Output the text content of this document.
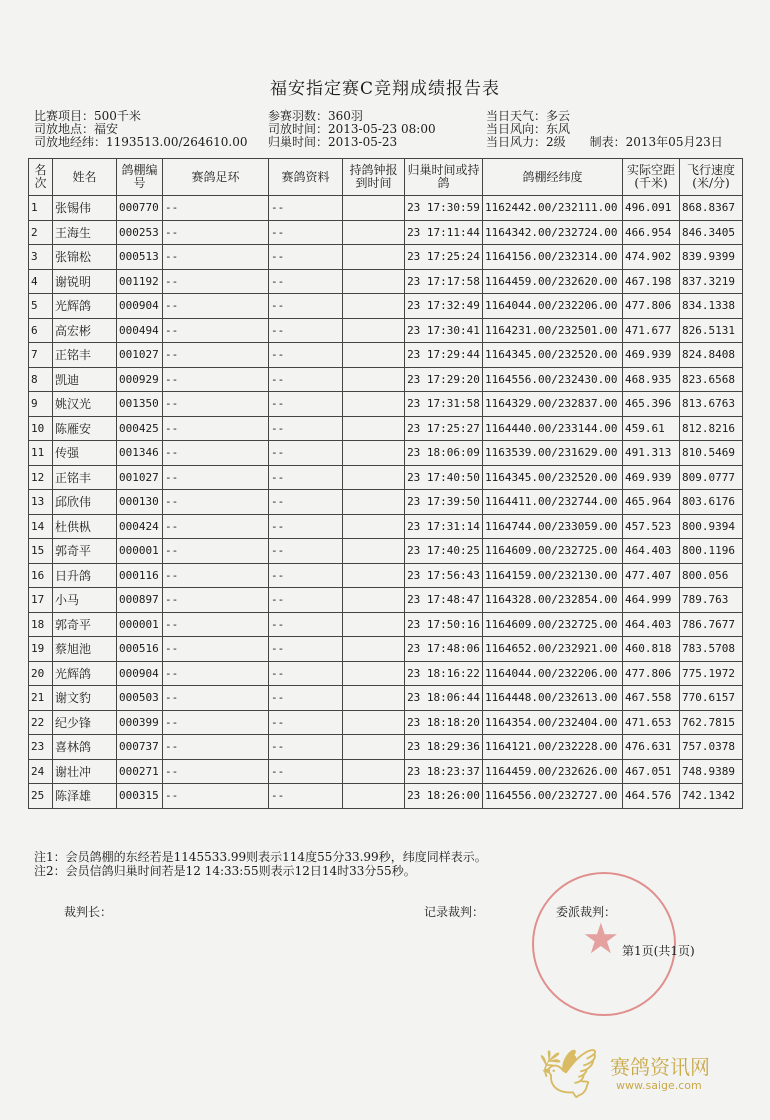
福安指定赛C竞翔成绩报告表
比赛项目：500千米
司放地点：福安
司放地经纬：1193513.00/264610.00
参赛羽数：360羽
司放时间：2013-05-23 08:00
归巢时间：2013-05-23
当日天气：多云
当日风向：东风
当日风力：2级 制表：2013年05月23日
名次	姓名	鸽棚编号	赛鸽足环	赛鸽资料	持鸽钟报到时间	归巢时间或持鸽	鸽棚经纬度	实际空距(千米)	飞行速度(米/分)
1	张锡伟	000770	--	--		23 17:30:59	1162442.00/232111.00	496.091	868.8367
2	王海生	000253	--	--		23 17:11:44	1164342.00/232724.00	466.954	846.3405
3	张锦松	000513	--	--		23 17:25:24	1164156.00/232314.00	474.902	839.9399
4	谢锐明	001192	--	--		23 17:17:58	1164459.00/232620.00	467.198	837.3219
5	光辉鸽	000904	--	--		23 17:32:49	1164044.00/232206.00	477.806	834.1338
6	高宏彬	000494	--	--		23 17:30:41	1164231.00/232501.00	471.677	826.5131
7	正铭丰	001027	--	--		23 17:29:44	1164345.00/232520.00	469.939	824.8408
8	凯迪	000929	--	--		23 17:29:20	1164556.00/232430.00	468.935	823.6568
9	姚汉光	001350	--	--		23 17:31:58	1164329.00/232837.00	465.396	813.6763
10	陈雁安	000425	--	--		23 17:25:27	1164440.00/233144.00	459.61	812.8216
11	传强	001346	--	--		23 18:06:09	1163539.00/231629.00	491.313	810.5469
12	正铭丰	001027	--	--		23 17:40:50	1164345.00/232520.00	469.939	809.0777
13	邱欣伟	000130	--	--		23 17:39:50	1164411.00/232744.00	465.964	803.6176
14	杜供枞	000424	--	--		23 17:31:14	1164744.00/233059.00	457.523	800.9394
15	郭奇平	000001	--	--		23 17:40:25	1164609.00/232725.00	464.403	800.1196
16	日升鸽	000116	--	--		23 17:56:43	1164159.00/232130.00	477.407	800.056
17	小马	000897	--	--		23 17:48:47	1164328.00/232854.00	464.999	789.763
18	郭奇平	000001	--	--		23 17:50:16	1164609.00/232725.00	464.403	786.7677
19	蔡旭池	000516	--	--		23 17:48:06	1164652.00/232921.00	460.818	783.5708
20	光辉鸽	000904	--	--		23 18:16:22	1164044.00/232206.00	477.806	775.1972
21	谢文豹	000503	--	--		23 18:06:44	1164448.00/232613.00	467.558	770.6157
22	纪少锋	000399	--	--		23 18:18:20	1164354.00/232404.00	471.653	762.7815
23	喜林鸽	000737	--	--		23 18:29:36	1164121.00/232228.00	476.631	757.0378
24	谢壮冲	000271	--	--		23 18:23:37	1164459.00/232626.00	467.051	748.9389
25	陈泽雄	000315	--	--		23 18:26:00	1164556.00/232727.00	464.576	742.1342
注1：会员鸽棚的东经若是1145533.99则表示114度55分33.99秒，纬度同样表示。
注2：会员信鸽归巢时间若是12 14:33:55则表示12日14时33分55秒。
★
裁判长：	记录裁判：	委派裁判：
第1页(共1页)
🕊 赛鸽资讯网
www.saige.com
